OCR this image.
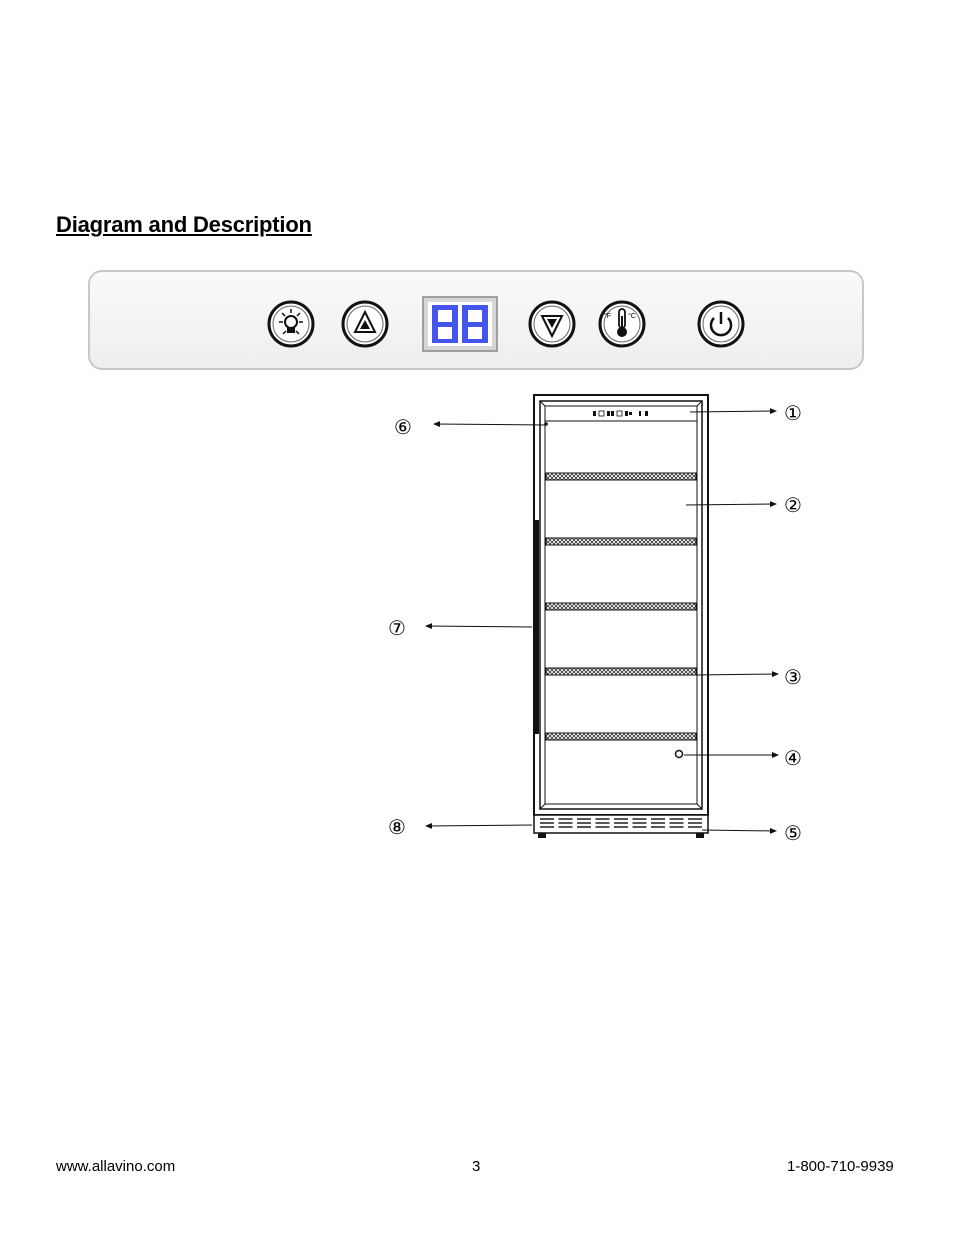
Diagram and Description
°F °C
①
②
③
④
⑤
⑥
⑦
⑧
www.allavino.com	3	1-800-710-9939
